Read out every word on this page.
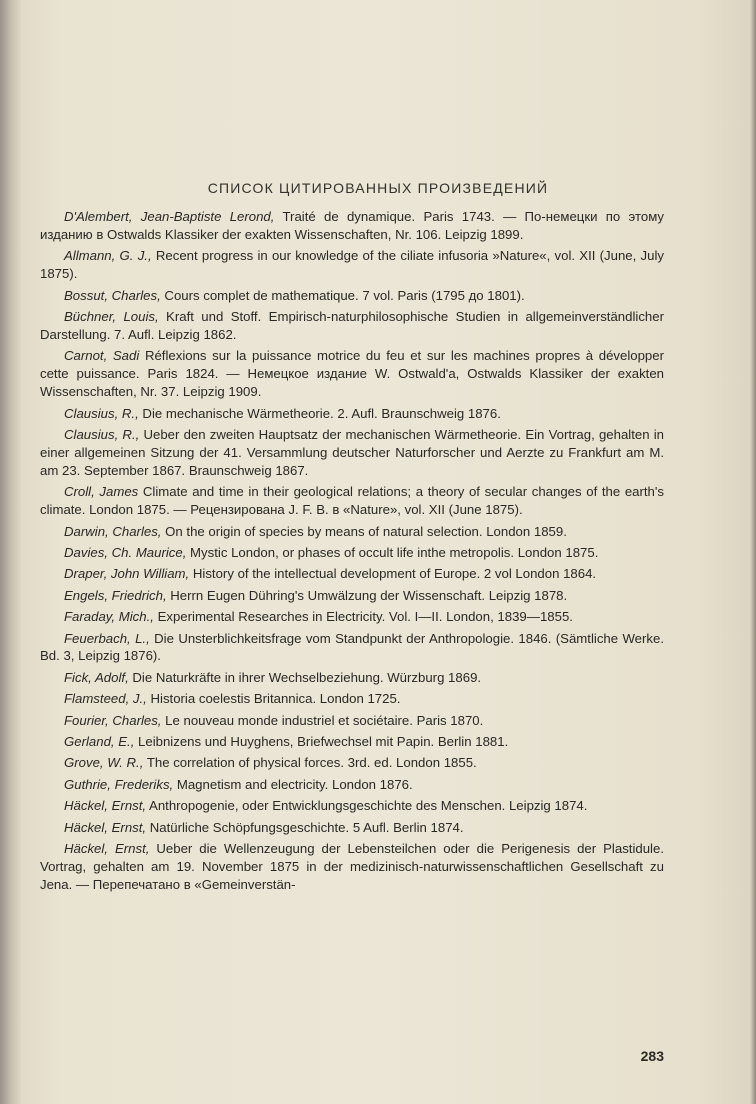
СПИСОК ЦИТИРОВАННЫХ ПРОИЗВЕДЕНИЙ

D'Alembert, Jean-Baptiste Lerond, Traité de dynamique. Paris 1743. — По-немецки по этому изданию в Ostwalds Klassiker der exakten Wissenschaften, Nr. 106. Leipzig 1899.

Allmann, G. J., Recent progress in our knowledge of the ciliate infusoria »Nature«, vol. XII (June, July 1875).

Bossut, Charles, Cours complet de mathematique. 7 vol. Paris (1795 до 1801).

Büchner, Louis, Kraft und Stoff. Empirisch-naturphilosophische Studien in allgemeinverständlicher Darstellung. 7. Aufl. Leipzig 1862.

Carnot, Sadi Réflexions sur la puissance motrice du feu et sur les machines propres à développer cette puissance. Paris 1824. — Немецкое издание W. Ostwald'a, Ostwalds Klassiker der exakten Wissenschaften, Nr. 37. Leipzig 1909.

Clausius, R., Die mechanische Wärmetheorie. 2. Aufl. Braunschweig 1876.

Clausius, R., Ueber den zweiten Hauptsatz der mechanischen Wärmetheorie. Ein Vortrag, gehalten in einer allgemeinen Sitzung der 41. Versammlung deutscher Naturforscher und Aerzte zu Frankfurt am M. am 23. September 1867. Braunschweig 1867.

Croll, James Climate and time in their geological relations; a theory of secular changes of the earth's climate. London 1875. — Рецензирована J. F. B. в «Nature», vol. XII (June 1875).

Darwin, Charles, On the origin of species by means of natural selection. London 1859.

Davies, Ch. Maurice, Mystic London, or phases of occult life inthe metropolis. London 1875.

Draper, John William, History of the intellectual development of Europe. 2 vol London 1864.

Engels, Friedrich, Herrn Eugen Dühring's Umwälzung der Wissenschaft. Leipzig 1878.

Faraday, Mich., Experimental Researches in Electricity. Vol. I—II. London, 1839—1855.

Feuerbach, L., Die Unsterblichkeitsfrage vom Standpunkt der Anthropologie. 1846. (Sämtliche Werke. Bd. 3, Leipzig 1876).

Fick, Adolf, Die Naturkräfte in ihrer Wechselbeziehung. Würzburg 1869.

Flamsteed, J., Historia coelestis Britannica. London 1725.

Fourier, Charles, Le nouveau monde industriel et sociétaire. Paris 1870.

Gerland, E., Leibnizens und Huyghens, Briefwechsel mit Papin. Berlin 1881.

Grove, W. R., The correlation of physical forces. 3rd. ed. London 1855.

Guthrie, Frederiks, Magnetism and electricity. London 1876.

Häckel, Ernst, Anthropogenie, oder Entwicklungsgeschichte des Menschen. Leipzig 1874.

Häckel, Ernst, Natürliche Schöpfungsgeschichte. 5 Aufl. Berlin 1874.

Häckel, Ernst, Ueber die Wellenzeugung der Lebensteilchen oder die Perigenesis der Plastidule. Vortrag, gehalten am 19. November 1875 in der medizinisch-naturwissenschaftlichen Gesellschaft zu Jena. — Перепечатано в «Gemeinverstän-

283
